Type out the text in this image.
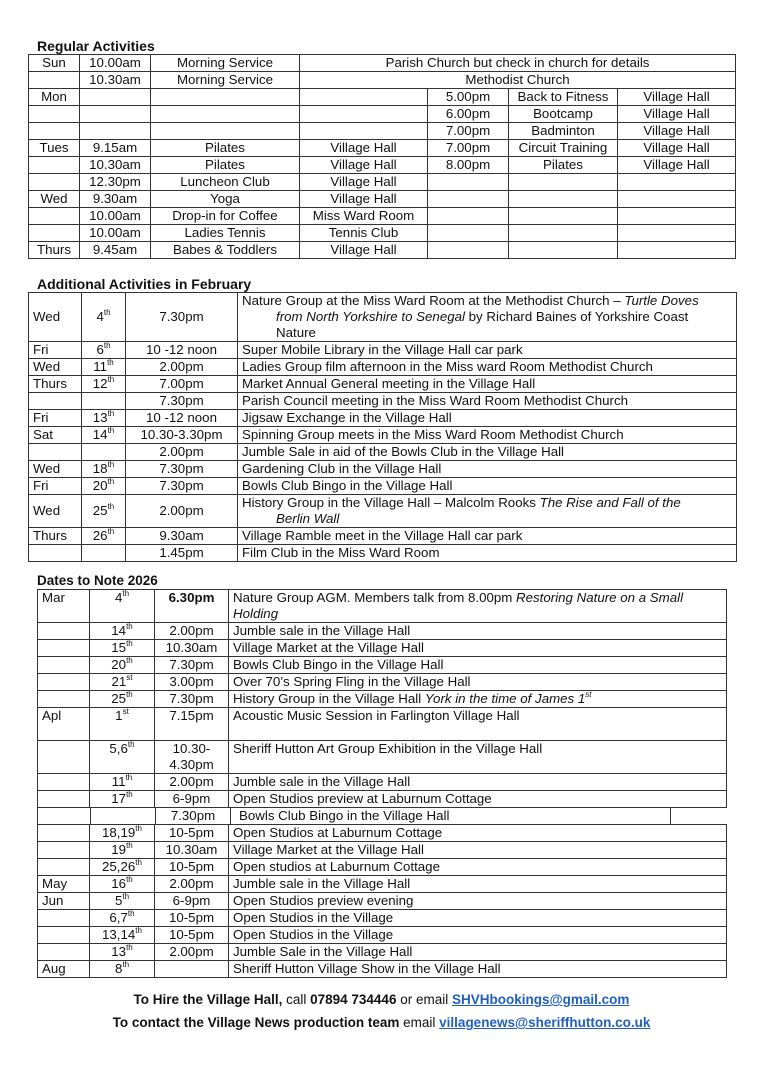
Regular Activities
Sun	10.00am	Morning Service	Parish Church but check in church for details			
	10.30am	Morning Service	Methodist Church			
Mon				5.00pm	Back to Fitness	Village Hall
				6.00pm	Bootcamp	Village Hall
				7.00pm	Badminton	Village Hall
Tues	9.15am	Pilates	Village Hall	7.00pm	Circuit Training	Village Hall
	10.30am	Pilates	Village Hall	8.00pm	Pilates	Village Hall
	12.30pm	Luncheon Club	Village Hall			
Wed	9.30am	Yoga	Village Hall			
	10.00am	Drop-in for Coffee	Miss Ward Room			
	10.00am	Ladies Tennis	Tennis Club			
Thurs	9.45am	Babes & Toddlers	Village Hall			
Additional Activities in February
Wed	4th	7.30pm	Nature Group at the Miss Ward Room at the Methodist Church – Turtle Doves
from North Yorkshire to Senegal by Richard Baines of Yorkshire Coast
Nature

Fri	6th	10 -12 noon	Super Mobile Library in the Village Hall car park
Wed	11th	2.00pm	Ladies Group film afternoon in the Miss ward Room Methodist Church
Thurs	12th	7.00pm	Market Annual General meeting in the Village Hall
		7.30pm	Parish Council meeting in the Miss Ward Room Methodist Church
Fri	13th	10 -12 noon	Jigsaw Exchange in the Village Hall
Sat	14th	10.30-3.30pm	Spinning Group meets in the Miss Ward Room Methodist Church
		2.00pm	Jumble Sale in aid of the Bowls Club in the Village Hall
Wed	18th	7.30pm	Gardening Club in the Village Hall
Fri	20th	7.30pm	Bowls Club Bingo in the Village Hall
Wed	25th	2.00pm	History Group in the Village Hall – Malcolm Rooks The Rise and Fall of the
Berlin Wall

Thurs	26th	9.30am	Village Ramble meet in the Village Hall car park
		1.45pm	Film Club in the Miss Ward Room
Dates to Note 2026
Mar	4th	6.30pm	Nature Group AGM. Members talk from 8.00pm Restoring Nature on a Small Holding
	14th	2.00pm	Jumble sale in the Village Hall
	15th	10.30am	Village Market at the Village Hall
	20th	7.30pm	Bowls Club Bingo in the Village Hall
	21st	3.00pm	Over 70’s Spring Fling in the Village Hall
	25th	7.30pm	History Group in the Village Hall York in the time of James 1st
Apl	1st	7.15pm	Acoustic Music Session in Farlington Village Hall
	5,6th	10.30-
4.30pm	Sheriff Hutton Art Group Exhibition in the Village Hall
	11th	2.00pm	Jumble sale in the Village Hall
	17th	6-9pm	Open Studios preview at Laburnum Cottage
		7.30pm	Bowls Club Bingo in the Village Hall
	18,19th	10-5pm	Open Studios at Laburnum Cottage
	19th	10.30am	Village Market at the Village Hall
	25,26th	10-5pm	Open studios at Laburnum Cottage
May	16th	2.00pm	Jumble sale in the Village Hall
Jun	5th	6-9pm	Open Studios preview evening
	6,7th	10-5pm	Open Studios in the Village
	13,14th	10-5pm	Open Studios in the Village
	13th	2.00pm	Jumble Sale in the Village Hall
Aug	8th		Sheriff Hutton Village Show in the Village Hall
To Hire the Village Hall, call 07894 734446 or email SHVHbookings@gmail.com
To contact the Village News production team email villagenews@sheriffhutton.co.uk
